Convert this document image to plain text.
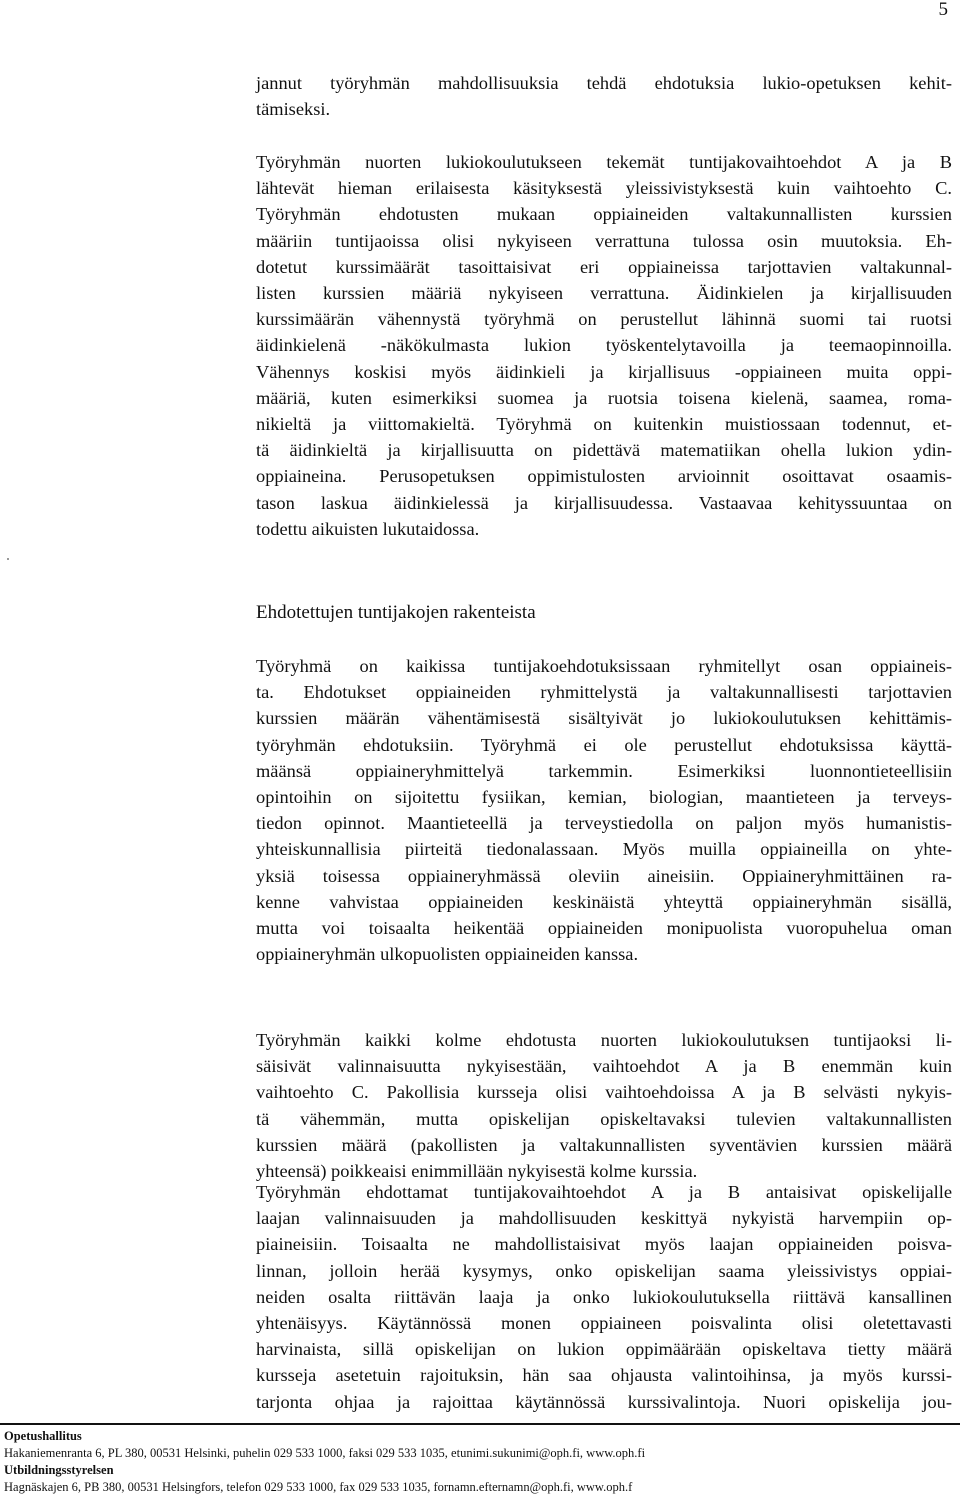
5

jannut työryhmän mahdollisuuksia tehdä ehdotuksia lukio-opetuksen kehit-
tämiseksi.

Työryhmän nuorten lukiokoulutukseen tekemät tuntijakovaihtoehdot A ja B
lähtevät hieman erilaisesta käsityksestä yleissivistyksestä kuin vaihtoehto C.
Työryhmän ehdotusten mukaan oppiaineiden valtakunnallisten kurssien
määriin tuntijaoissa olisi nykyiseen verrattuna tulossa osin muutoksia. Eh-
dotetut kurssimäärät tasoittaisivat eri oppiaineissa tarjottavien valtakunnal-
listen kurssien määriä nykyiseen verrattuna. Äidinkielen ja kirjallisuuden
kurssimäärän vähennystä työryhmä on perustellut lähinnä suomi tai ruotsi
äidinkielenä -näkökulmasta lukion työskentelytavoilla ja teemaopinnoilla.
Vähennys koskisi myös äidinkieli ja kirjallisuus -oppiaineen muita oppi-
määriä, kuten esimerkiksi suomea ja ruotsia toisena kielenä, saamea, roma-
nikieltä ja viittomakieltä. Työryhmä on kuitenkin muistiossaan todennut, et-
tä äidinkieltä ja kirjallisuutta on pidettävä matematiikan ohella lukion ydin-
oppiaineina. Perusopetuksen oppimistulosten arvioinnit osoittavat osaamis-
tason laskua äidinkielessä ja kirjallisuudessa. Vastaavaa kehityssuuntaa on
todettu aikuisten lukutaidossa.

Ehdotettujen tuntijakojen rakenteista

Työryhmä on kaikissa tuntijakoehdotuksissaan ryhmitellyt osan oppiaineis-
ta. Ehdotukset oppiaineiden ryhmittelystä ja valtakunnallisesti tarjottavien
kurssien määrän vähentämisestä sisältyivät jo lukiokoulutuksen kehittämis-
työryhmän ehdotuksiin. Työryhmä ei ole perustellut ehdotuksissa käyttä-
määnsä oppiaineryhmittelyä tarkemmin. Esimerkiksi luonnontieteellisiin
opintoihin on sijoitettu fysiikan, kemian, biologian, maantieteen ja terveys-
tiedon opinnot. Maantieteellä ja terveystiedolla on paljon myös humanistis-
yhteiskunnallisia piirteitä tiedonalassaan. Myös muilla oppiaineilla on yhte-
yksiä toisessa oppiaineryhmässä oleviin aineisiin. Oppiaineryhmittäinen ra-
kenne vahvistaa oppiaineiden keskinäistä yhteyttä oppiaineryhmän sisällä,
mutta voi toisaalta heikentää oppiaineiden monipuolista vuoropuhelua oman
oppiaineryhmän ulkopuolisten oppiaineiden kanssa.

Työryhmän kaikki kolme ehdotusta nuorten lukiokoulutuksen tuntijaoksi li-
säisivät valinnaisuutta nykyisestään, vaihtoehdot A ja B enemmän kuin
vaihtoehto C. Pakollisia kursseja olisi vaihtoehdoissa A ja B selvästi nykyis-
tä vähemmän, mutta opiskelijan opiskeltavaksi tulevien valtakunnallisten
kurssien määrä (pakollisten ja valtakunnallisten syventävien kurssien määrä
yhteensä) poikkeaisi enimmillään nykyisestä kolme kurssia.

Työryhmän ehdottamat tuntijakovaihtoehdot A ja B antaisivat opiskelijalle
laajan valinnaisuuden ja mahdollisuuden keskittyä nykyistä harvempiin op-
piaineisiin. Toisaalta ne mahdollistaisivat myös laajan oppiaineiden poisva-
linnan, jolloin herää kysymys, onko opiskelijan saama yleissivistys oppiai-
neiden osalta riittävän laaja ja onko lukiokoulutuksella riittävä kansallinen
yhtenäisyys. Käytännössä monen oppiaineen poisvalinta olisi oletettavasti
harvinaista, sillä opiskelijan on lukion oppimäärään opiskeltava tietty määrä
kursseja asetetuin rajoituksin, hän saa ohjausta valintoihinsa, ja myös kurssi-
tarjonta ohjaa ja rajoittaa käytännössä kurssivalintoja. Nuori opiskelija jou-

Opetushallitus
Hakaniemenranta 6, PL 380, 00531 Helsinki, puhelin 029 533 1000, faksi 029 533 1035, etunimi.sukunimi@oph.fi, www.oph.fi
Utbildningsstyrelsen
Hagnäskajen 6, PB 380, 00531 Helsingfors, telefon 029 533 1000, fax 029 533 1035, fornamn.efternamn@oph.fi, www.oph.f
